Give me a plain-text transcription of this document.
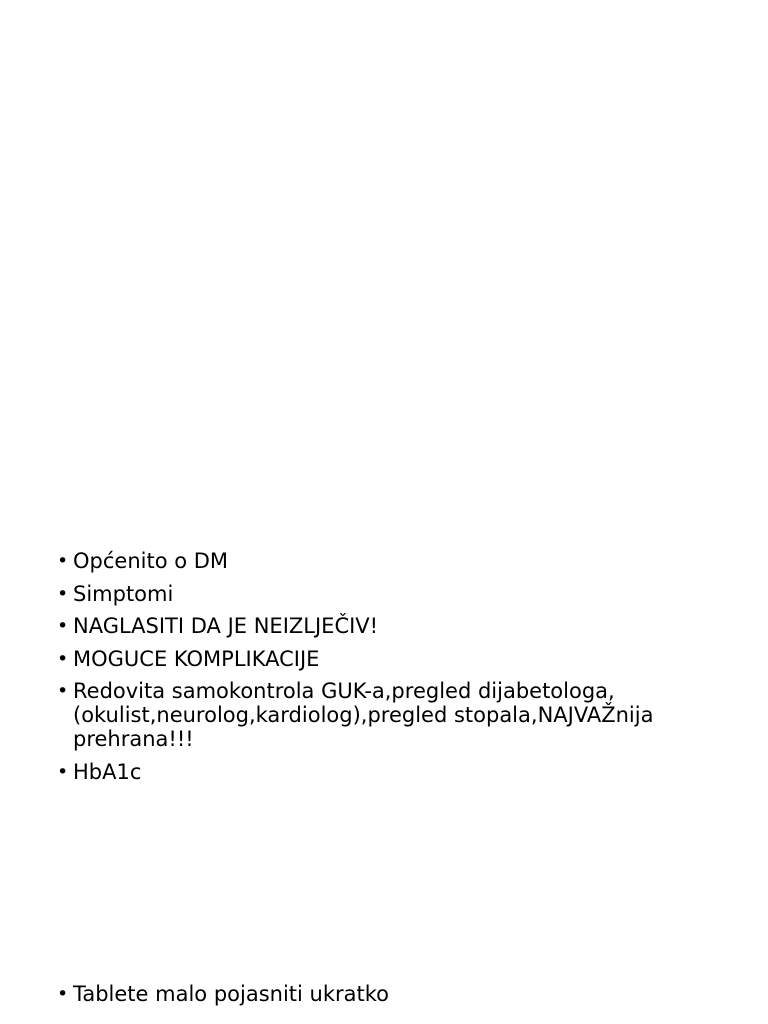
• Općenito o DM
• Simptomi
• NAGLASITI DA JE NEIZLJEČIV!
• MOGUCE KOMPLIKACIJE
• Redovita samokontrola GUK-a,pregled dijabetologa,
(okulist,neurolog,kardiolog),pregled stopala,NAJVAŽnija
prehrana!!!
• HbA1c
• Tablete malo pojasniti ukratko
